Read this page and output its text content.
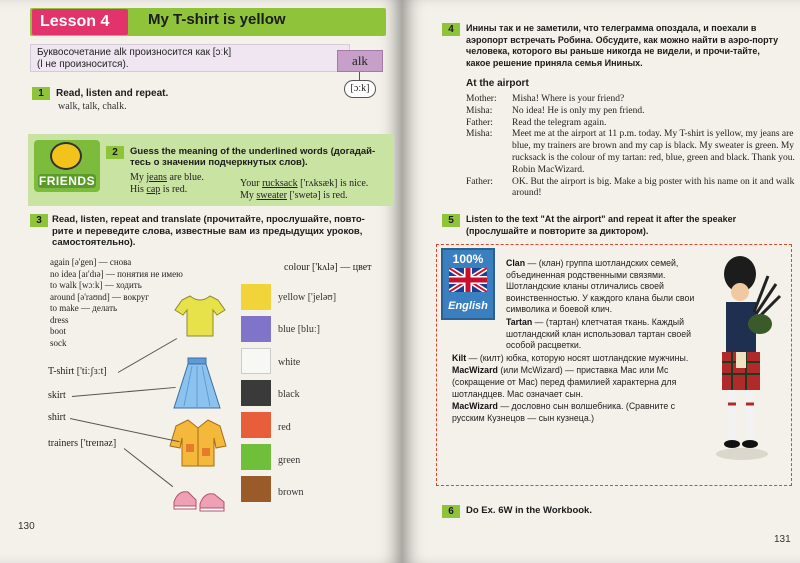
Lesson 4	My T-shirt is yellow
Буквосочетание alk произносится как [ɔːk]
(l не произносится).	alk
[ɔːk]
1	Read, listen and repeat.
walk, talk, chalk.
FRIENDS
2	Guess the meaning of the underlined words (догадай-тесь о значении подчеркнутых слов).
My jeans are blue.
His cap is red.
Your rucksack ['rʌksæk] is nice.
My sweater ['swetə] is red.
3	Read, listen, repeat and translate (прочитайте, прослушайте, повто-рите и переведите слова, известные вам из предыдущих уроков, самостоятельно).
again [ə'gen] — снова
no idea [aɪ'dɪə] — понятия не имею
to walk [wɔːk] — ходить
around [ə'raʊnd] — вокруг
to make — делать
dress
boot
sock
colour ['kʌlə] — цвет
yellow ['jeləʊ]
blue [bluː]
white
black
red
green
brown
T-shirt ['tiːʃɜːt]
skirt
shirt
trainers ['treɪnəz]
130
4	Инины так и не заметили, что телеграмма опоздала, и поехали в аэропорт встречать Робина. Обсудите, как можно найти в аэро-порту человека, которого вы раньше никогда не видели, и прочи-тайте, какое решение приняла семья Ининых.
At the airport
Mother:	Misha! Where is your friend?
Misha:	No idea! He is only my pen friend.
Father:	Read the telegram again.
Misha:	Meet me at the airport at 11 p.m. today. My T-shirt is yellow, my jeans are blue, my trainers are brown and my cap is black. My sweater is green. My rucksack is the colour of my tartan: red, blue, green and black. Thank you. Robin MacWizard.
Father:	OK. But the airport is big. Make a big poster with his name on it and walk around!
5	Listen to the text "At the airport" and repeat it after the speaker (прослушайте и повторите за диктором).
100%
English

Clan — (клан) группа шотландских семей, объединенная родственными связями. Шотландские кланы отличались своей воинственностью. У каждого клана были свои символика и боевой клич.

Tartan — (тартан) клетчатая ткань. Каждый шотландский клан использовал тартан своей особой расцветки.

Kilt — (килт) юбка, которую носят шотландские мужчины.

MacWizard (или McWizard) — приставка Mac или Mc (сокращение от Mac) перед фамилией характерна для шотландцев. Mac означает сын.

MacWizard — дословно сын волшебника. (Сравните с русским Кузнецов — сын кузнеца.)

6	Do Ex. 6W in the Workbook.
131
